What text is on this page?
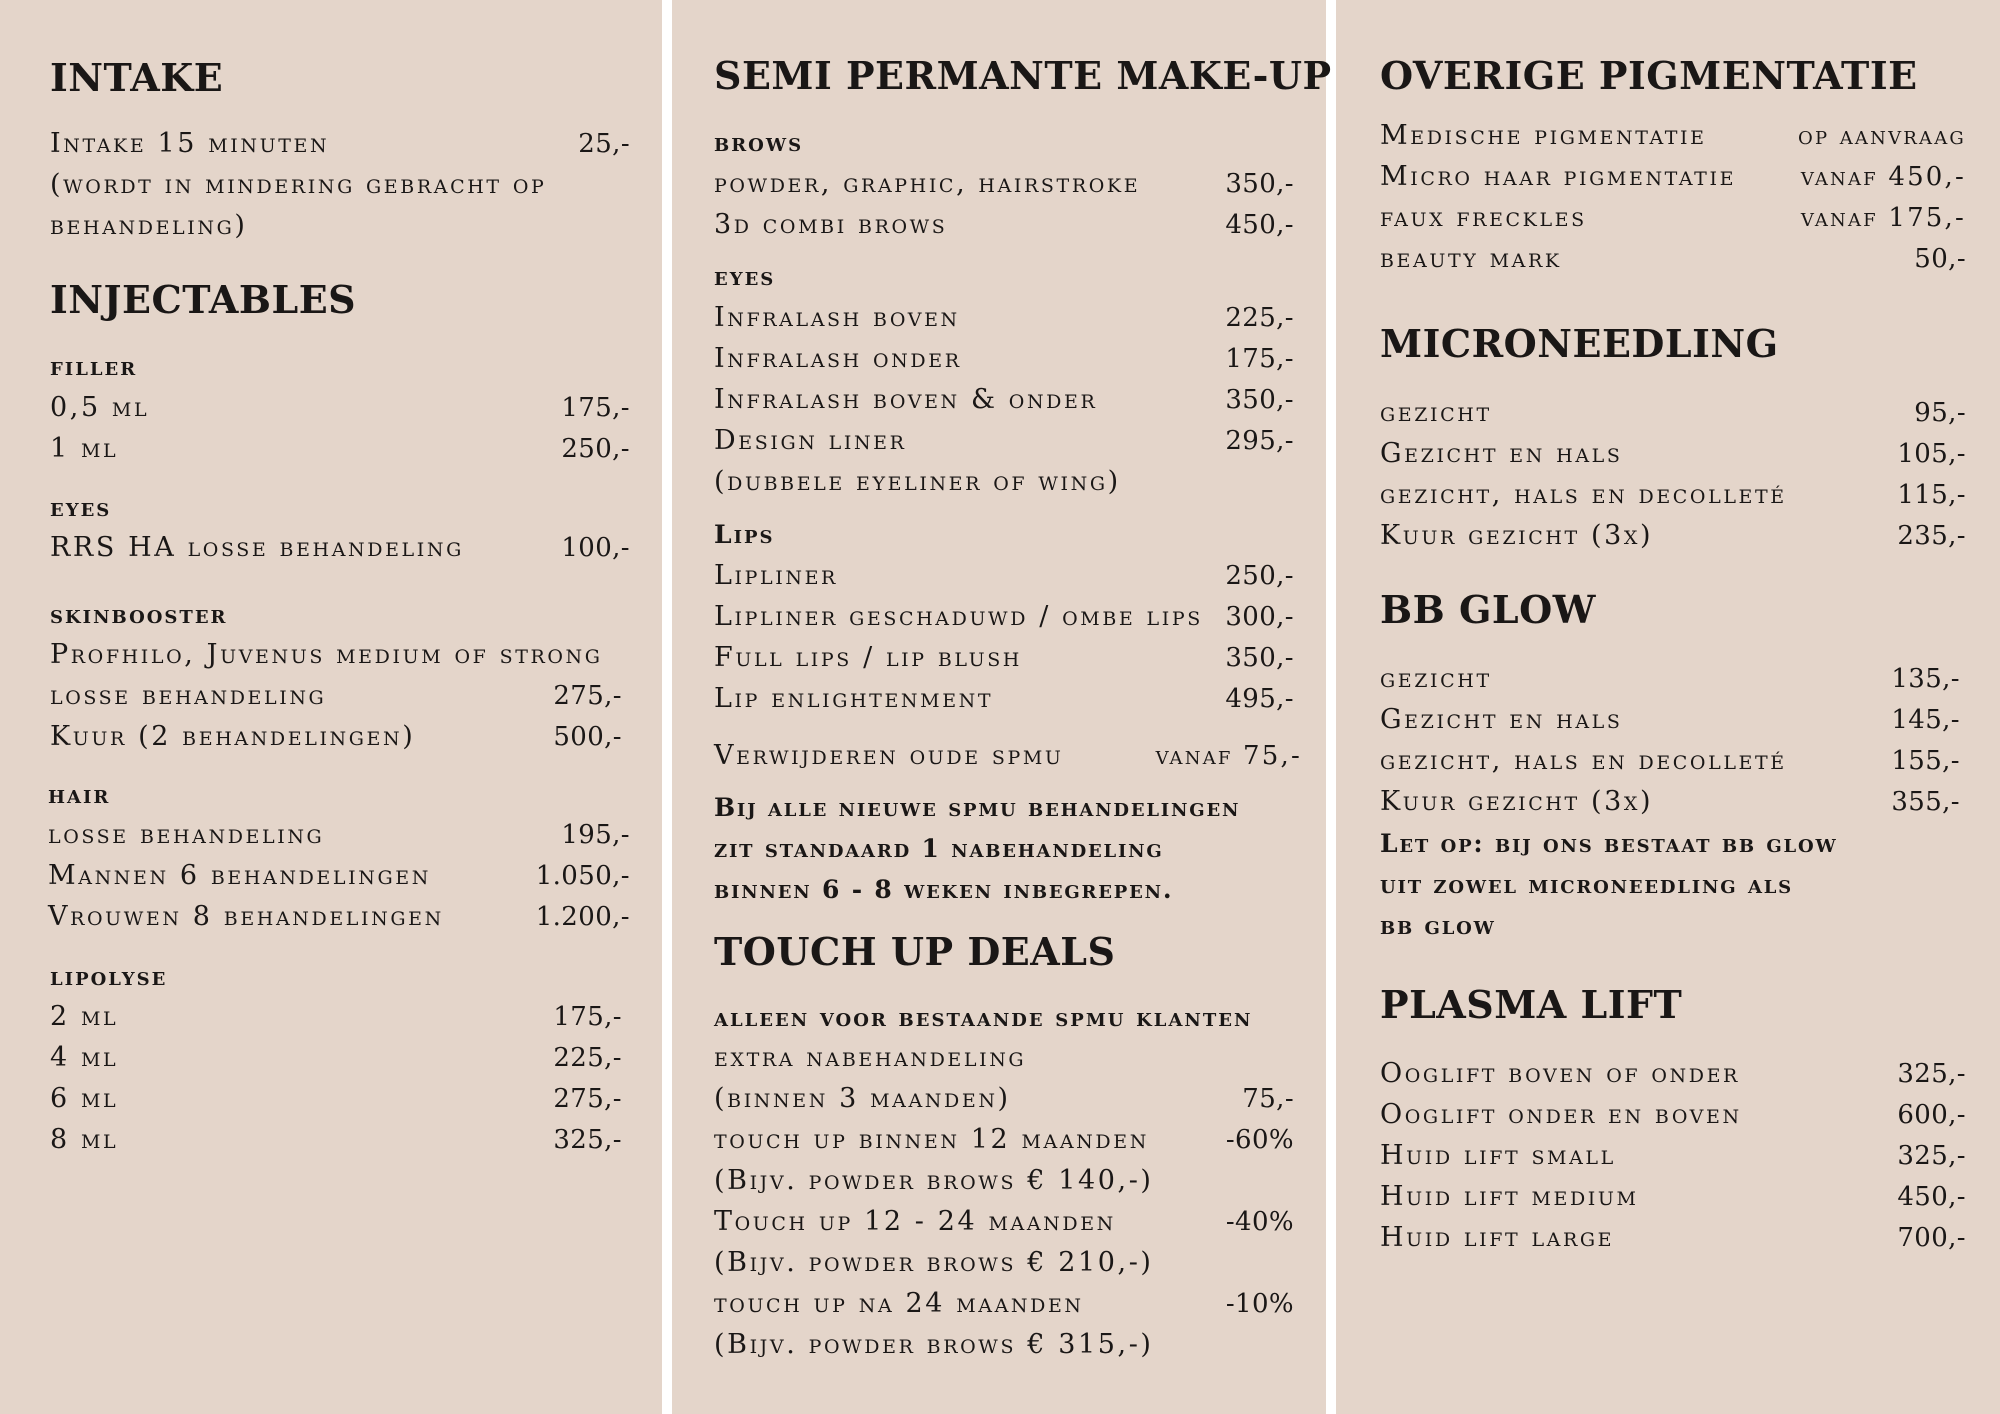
INTAKE
Intake 15 minuten	25,-
(wordt in mindering gebracht op
behandeling)
INJECTABLES
filler
0,5 ml	175,-
1 ml	250,-
eyes
RRS HA losse behandeling	100,-
skinbooster
Profhilo, Juvenus medium of strong
losse behandeling	275,-
Kuur (2 behandelingen)	500,-
hair
losse behandeling	195,-
Mannen 6 behandelingen	1.050,-
Vrouwen 8 behandelingen	1.200,-
lipolyse
2 ml	175,-
4 ml	225,-
6 ml	275,-
8 ml	325,-
SEMI PERMANTE MAKE-UP
brows
powder, graphic, hairstroke	350,-
3d combi brows	450,-
eyes
Infralash boven	225,-
Infralash onder	175,-
Infralash boven & onder	350,-
Design liner	295,-
(dubbele eyeliner of wing)
Lips
Lipliner	250,-
Lipliner geschaduwd / ombe lips 300,-
Full lips / lip blush	350,-
Lip enlightenment	495,-
Verwijderen oude spmu	vanaf 75,-
Bij alle nieuwe spmu behandelingen
zit standaard 1 nabehandeling
binnen 6 - 8 weken inbegrepen.
TOUCH UP DEALS
alleen voor bestaande spmu klanten
extra nabehandeling
(binnen 3 maanden)	75,-
touch up binnen 12 maanden	-60%
(Bijv. powder brows € 140,-)
Touch up 12 - 24 maanden	-40%
(Bijv. powder brows € 210,-)
touch up na 24 maanden	-10%
(Bijv. powder brows € 315,-)
OVERIGE PIGMENTATIE
Medische pigmentatie	op aanvraag
Micro haar pigmentatie vanaf 450,-
faux freckles	vanaf 175,-
beauty mark	50,-
MICRONEEDLING
gezicht	95,-
Gezicht en hals	105,-
gezicht, hals en decolleté	115,-
Kuur gezicht (3x)	235,-
BB GLOW
gezicht	135,-
Gezicht en hals	145,-
gezicht, hals en decolleté	155,-
Kuur gezicht (3x)	355,-
Let op: bij ons bestaat bb glow
uit zowel microneedling als
bb glow
PLASMA LIFT
Ooglift boven of onder	325,-
Ooglift onder en boven	600,-
Huid lift small	325,-
Huid lift medium	450,-
Huid lift large	700,-
